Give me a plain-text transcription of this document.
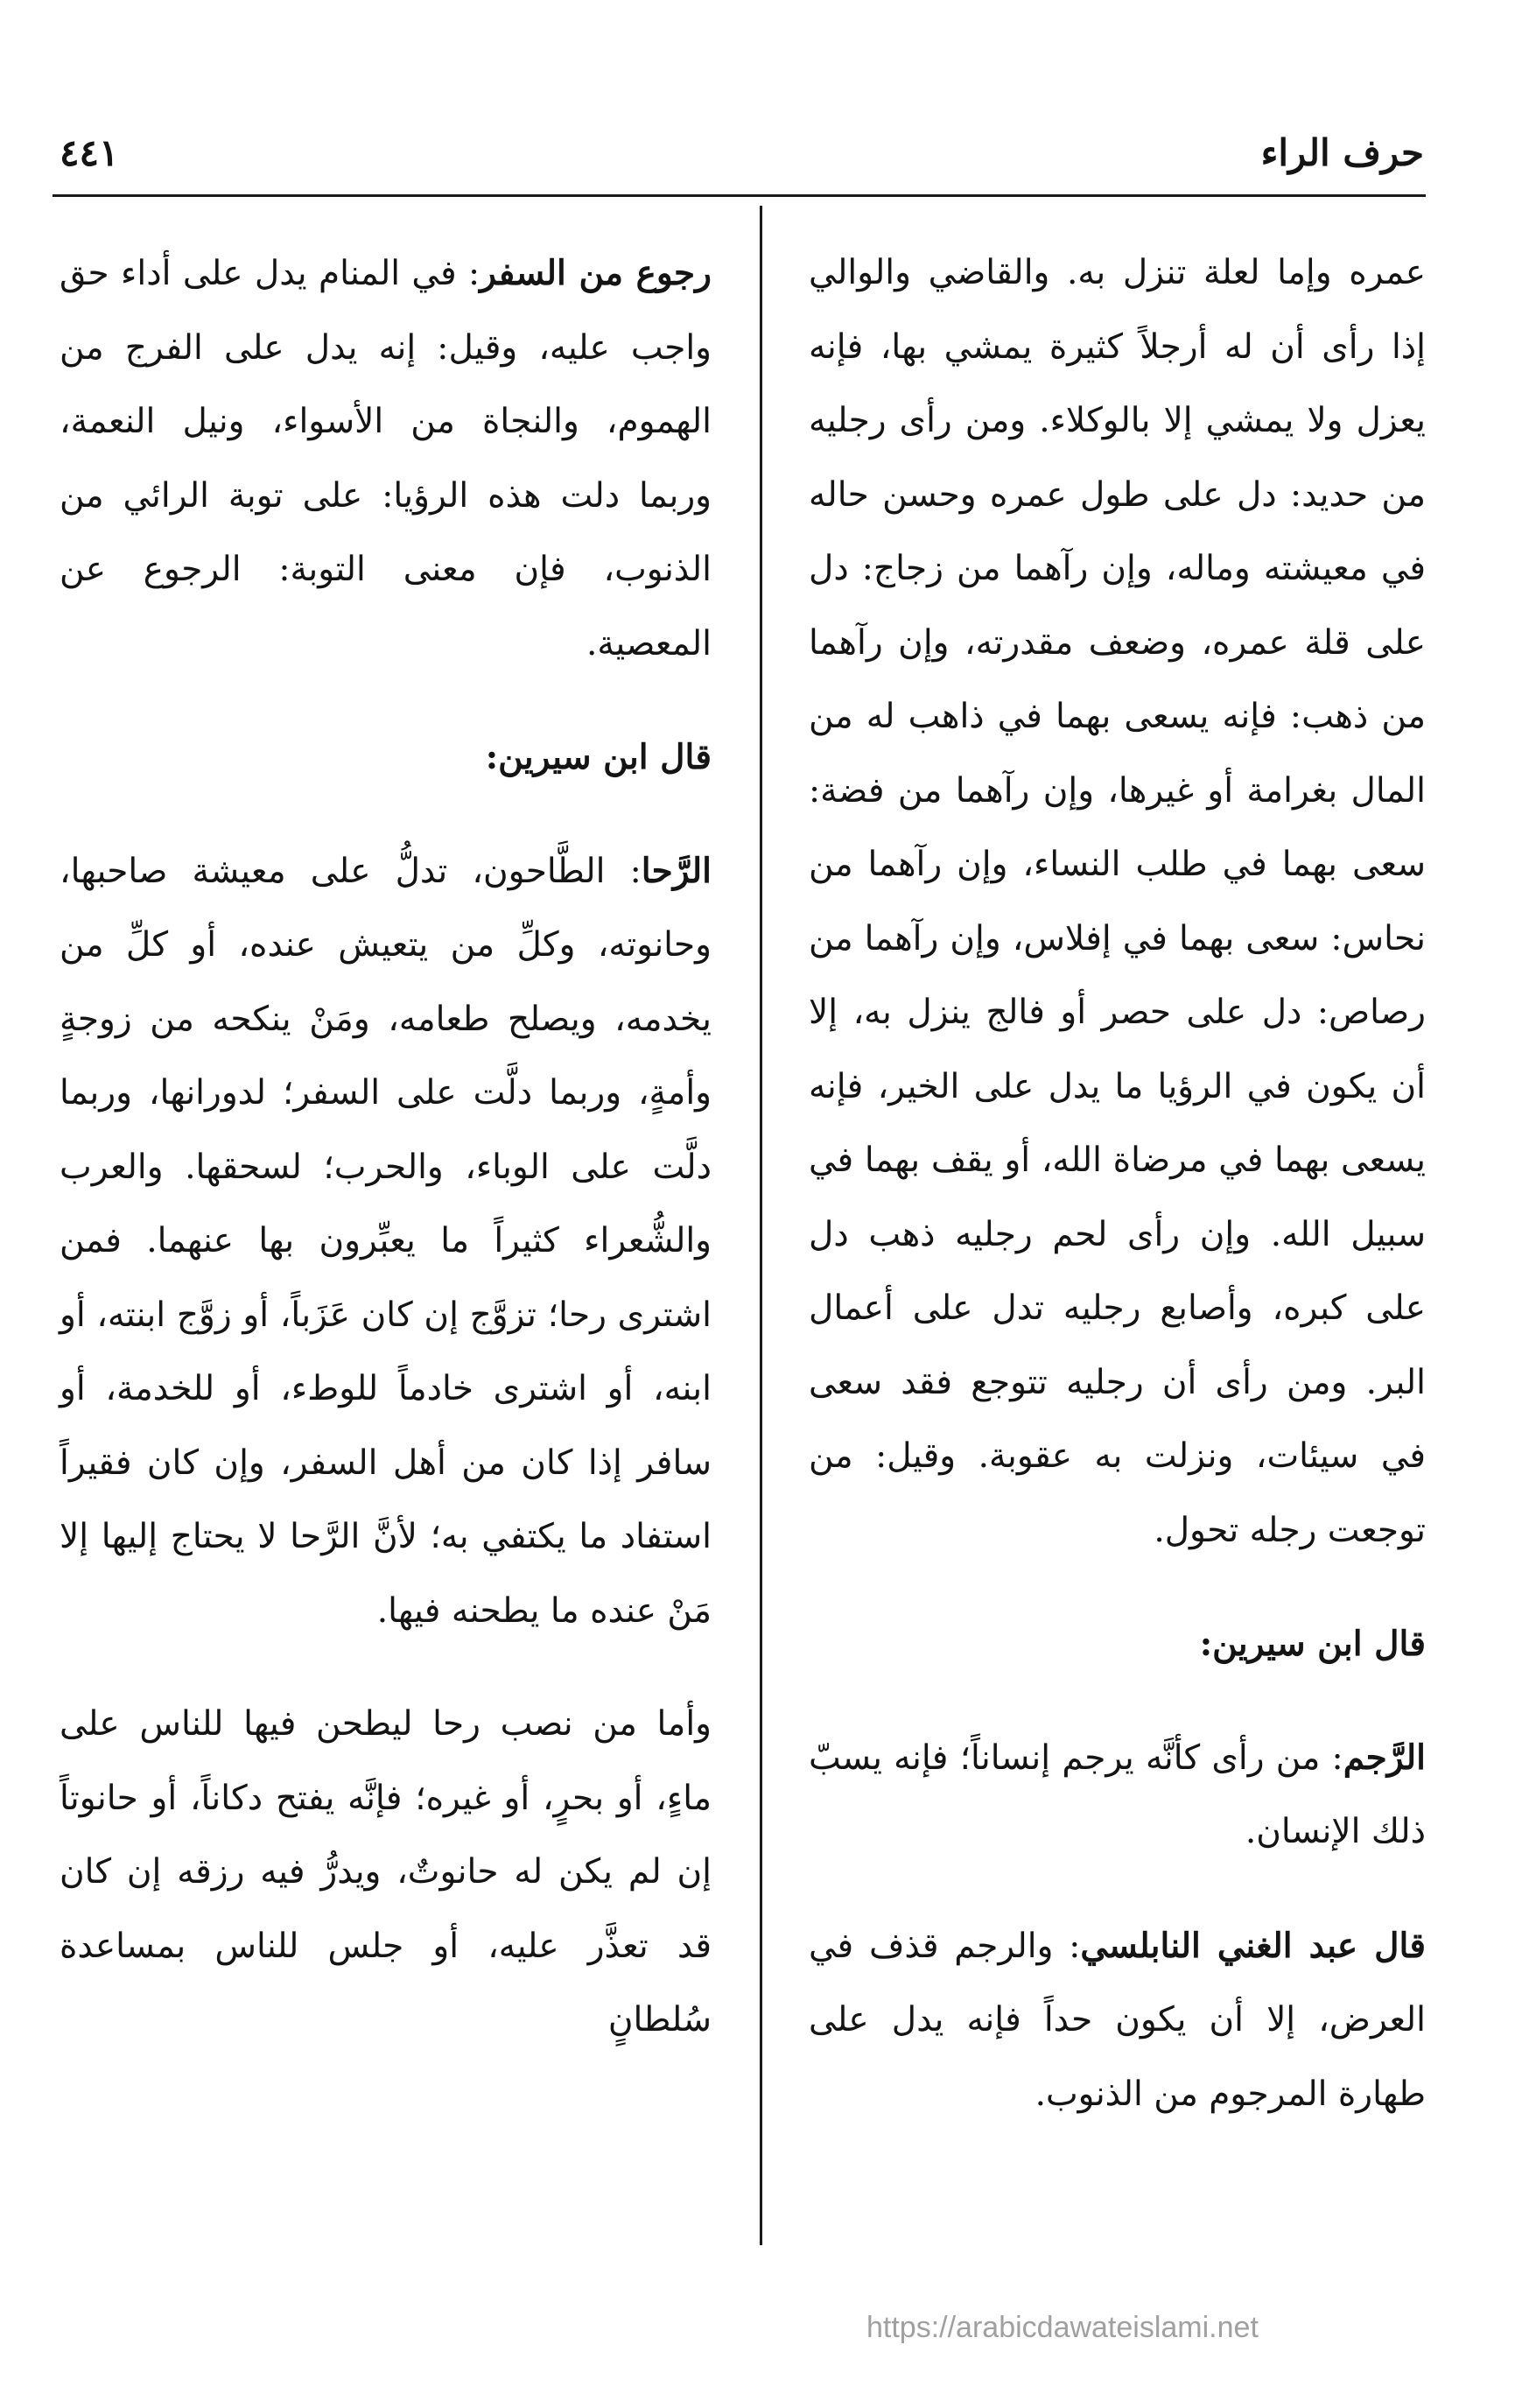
حرف الراء
٤٤١

عمره وإما لعلة تنزل به. والقاضي والوالي إذا رأى أن له أرجلاً كثيرة يمشي بها، فإنه يعزل ولا يمشي إلا بالوكلاء. ومن رأى رجليه من حديد: دل على طول عمره وحسن حاله في معيشته وماله، وإن رآهما من زجاج: دل على قلة عمره، وضعف مقدرته، وإن رآهما من ذهب: فإنه يسعى بهما في ذاهب له من المال بغرامة أو غيرها، وإن رآهما من فضة: سعى بهما في طلب النساء، وإن رآهما من نحاس: سعى بهما في إفلاس، وإن رآهما من رصاص: دل على حصر أو فالج ينزل به، إلا أن يكون في الرؤيا ما يدل على الخير، فإنه يسعى بهما في مرضاة الله، أو يقف بهما في سبيل الله. وإن رأى لحم رجليه ذهب دل على كبره، وأصابع رجليه تدل على أعمال البر. ومن رأى أن رجليه تتوجع فقد سعى في سيئات، ونزلت به عقوبة. وقيل: من توجعت رجله تحول.

قال ابن سيرين:

الرَّجم: من رأى كأنَّه يرجم إنساناً؛ فإنه يسبّ ذلك الإنسان.

قال عبد الغني النابلسي: والرجم قذف في العرض، إلا أن يكون حداً فإنه يدل على طهارة المرجوم من الذنوب.

رجوع من السفر: في المنام يدل على أداء حق واجب عليه، وقيل: إنه يدل على الفرج من الهموم، والنجاة من الأسواء، ونيل النعمة، وربما دلت هذه الرؤيا: على توبة الرائي من الذنوب، فإن معنى التوبة: الرجوع عن المعصية.

قال ابن سيرين:

الرَّحا: الطَّاحون، تدلُّ على معيشة صاحبها، وحانوته، وكلِّ من يتعيش عنده، أو كلِّ من يخدمه، ويصلح طعامه، ومَنْ ينكحه من زوجةٍ وأمةٍ، وربما دلَّت على السفر؛ لدورانها، وربما دلَّت على الوباء، والحرب؛ لسحقها. والعرب والشُّعراء كثيراً ما يعبِّرون بها عنهما. فمن اشترى رحا؛ تزوَّج إن كان عَزَباً، أو زوَّج ابنته، أو ابنه، أو اشترى خادماً للوطء، أو للخدمة، أو سافر إذا كان من أهل السفر، وإن كان فقيراً استفاد ما يكتفي به؛ لأنَّ الرَّحا لا يحتاج إليها إلا مَنْ عنده ما يطحنه فيها.

وأما من نصب رحا ليطحن فيها للناس على ماءٍ، أو بحرٍ، أو غيره؛ فإنَّه يفتح دكاناً، أو حانوتاً إن لم يكن له حانوتٌ، ويدرُّ فيه رزقه إن كان قد تعذَّر عليه، أو جلس للناس بمساعدة سُلطانٍ

https://arabicdawateislami.net
